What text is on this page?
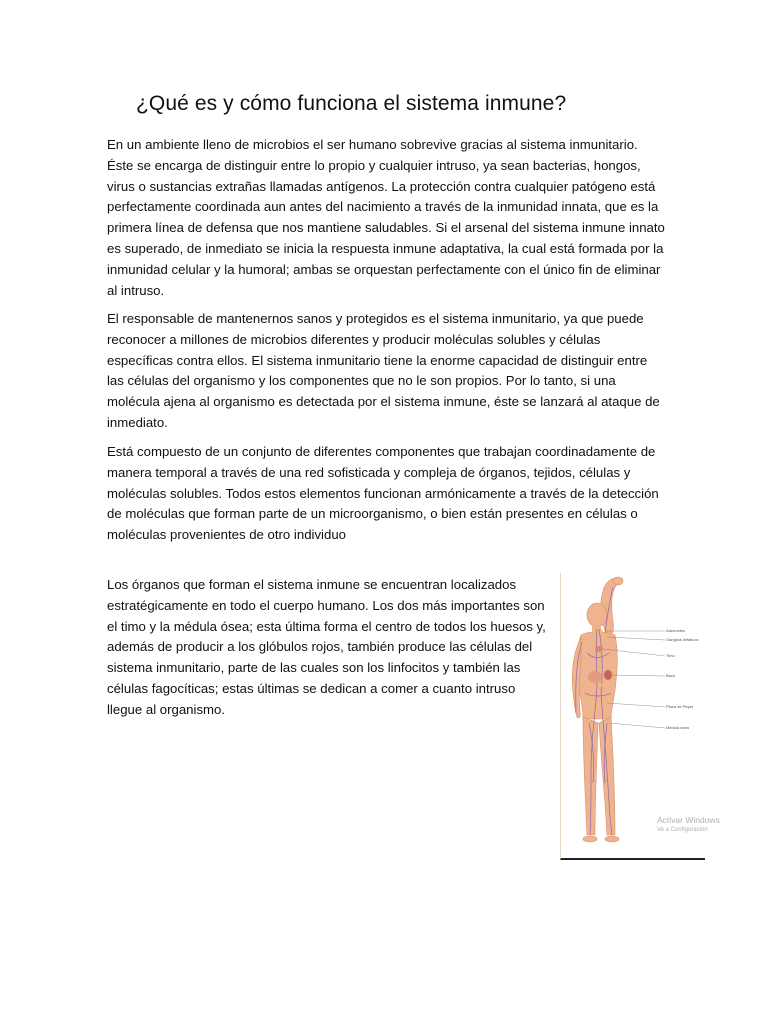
¿Qué es y cómo funciona el sistema inmune?

En un ambiente lleno de microbios el ser humano sobrevive gracias al sistema inmunitario. Éste se encarga de distinguir entre lo propio y cualquier intruso, ya sean bacterias, hongos, virus o sustancias extrañas llamadas antígenos. La protección contra cualquier patógeno está perfectamente coordinada aun antes del nacimiento a través de la inmunidad innata, que es la primera línea de defensa que nos mantiene saludables. Si el arsenal del sistema inmune innato es superado, de inmediato se inicia la respuesta inmune adaptativa, la cual está formada por la inmunidad celular y la humoral; ambas se orquestan perfectamente con el único fin de eliminar al intruso.

El responsable de mantenernos sanos y protegidos es el sistema inmunitario, ya que puede reconocer a millones de microbios diferentes y producir moléculas solubles y células específicas contra ellos. El sistema inmunitario tiene la enorme capacidad de distinguir entre las células del organismo y los componentes que no le son propios. Por lo tanto, si una molécula ajena al organismo es detectada por el sistema inmune, éste se lanzará al ataque de inmediato.

Está compuesto de un conjunto de diferentes componentes que trabajan coordinadamente de manera temporal a través de una red sofisticada y compleja de órganos, tejidos, células y moléculas solubles. Todos estos elementos funcionan armónicamente a través de la detección de moléculas que forman parte de un microorganismo, o bien están presentes en células o moléculas provenientes de otro individuo

Los órganos que forman el sistema inmune se encuentran localizados estratégicamente en todo el cuerpo humano. Los dos más importantes son el timo y la médula ósea; esta última forma el centro de todos los huesos y, además de producir a los glóbulos rojos, también produce las células del sistema inmunitario, parte de las cuales son los linfocitos y también las células fagocíticas; estas últimas se dedican a comer a cuanto intruso llegue al organismo.

Adenoides
Ganglios linfáticos
Timo
Bazo
Placa de Peyer
Médula ósea
Activar Windows
Ve a Configuración
